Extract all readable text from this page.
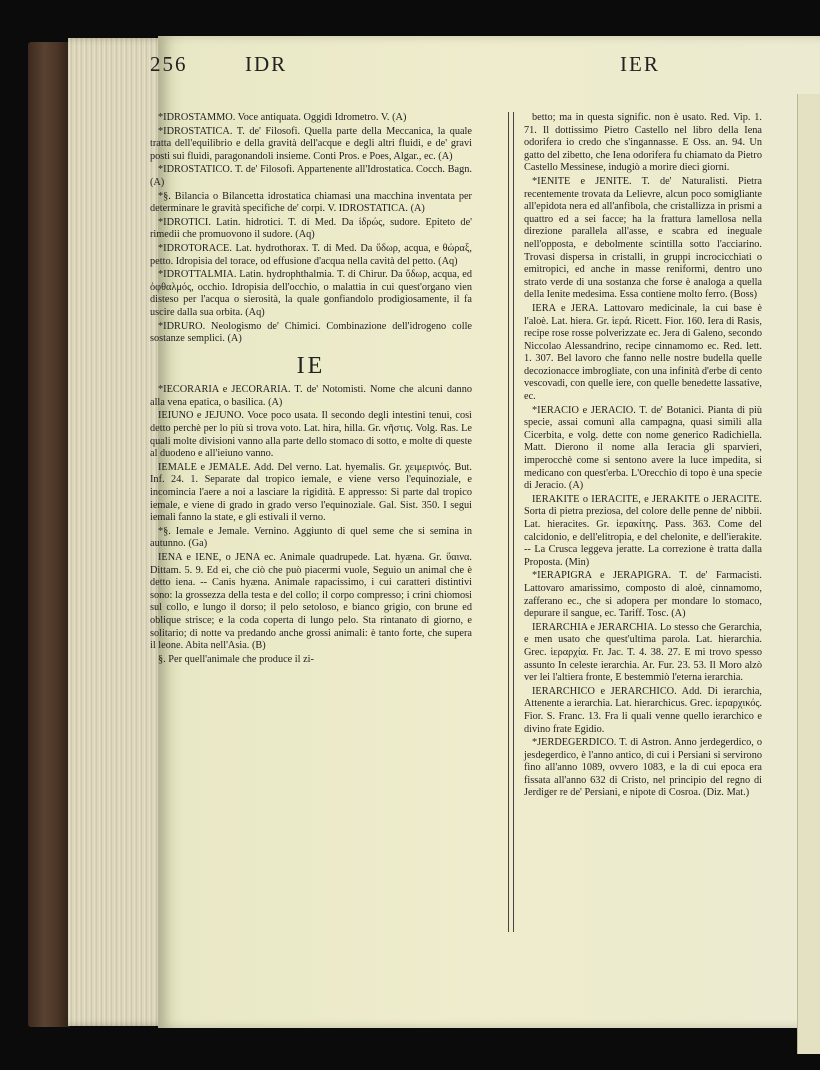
256	IDR	IER

*IDROSTAMMO. Voce antiquata. Oggidì Idrometro. V. (A)

*IDROSTATICA. T. de' Filosofi. Quella parte della Meccanica, la quale tratta dell'equilibrio e della gravità dell'acque e degli altri fluidi, e de' gravi posti sui fluidi, paragonandoli insieme. Conti Pros. e Poes, Algar., ec. (A)

*IDROSTATICO. T. de' Filosofi. Appartenente all'Idrostatica. Cocch. Bagn. (A)

*§. Bilancia o Bilancetta idrostatica chiamasi una macchina inventata per determinare le gravità specifiche de' corpi. V. IDROSTATICA. (A)

*IDROTICI. Latin. hidrotici. T. di Med. Da ἱδρώς, sudore. Epiteto de' rimedii che promuovono il sudore. (Aq)

*IDROTORACE. Lat. hydrothorax. T. di Med. Da ὕδωρ, acqua, e θώραξ, petto. Idropisia del torace, od effusione d'acqua nella cavità del petto. (Aq)

*IDROTTALMIA. Latin. hydrophthalmia. T. di Chirur. Da ὕδωρ, acqua, ed ὀφθαλμός, occhio. Idropisia dell'occhio, o malattia in cui quest'organo vien disteso per l'acqua o sierosità, la quale gonfiandolo prodigiosamente, il fa uscire dalla sua orbita. (Aq)

*IDRURO. Neologismo de' Chimici. Combinazione dell'idrogeno colle sostanze semplici. (A)

IE

*IECORARIA e JECORARIA. T. de' Notomisti. Nome che alcuni danno alla vena epatica, o basilica. (A)

IEIUNO e JEJUNO. Voce poco usata. Il secondo degli intestini tenui, così detto perchè per lo più si trova voto. Lat. hira, hilla. Gr. νῆστις. Volg. Ras. Le quali molte divisioni vanno alla parte dello stomaco di sotto, e molte di queste al duodeno e all'ieiuno vanno.

IEMALE e JEMALE. Add. Del verno. Lat. hyemalis. Gr. χειμερινός. But. Inf. 24. 1. Separate dal tropico iemale, e viene verso l'equinoziale, e incominciа l'aere a noi a lasciare la rigidità. E appresso: Si parte dal tropico iemale, e viene di grado in grado verso l'equinoziale. Gal. Sist. 350. I segui iemali fanno la state, e gli estivali il verno.

*§. Iemale e Jemale. Vernino. Aggiunto di quel seme che si semina in autunno. (Ga)

IENA e IENE, o JENA ec. Animale quadrupede. Lat. hyæna. Gr. ὕαινα. Dittam. 5. 9. Ed ei, che ciò che può piacermi vuole, Seguìo un animal che è detto iena. -- Canis hyæna. Animale rapacissimo, i cui caratteri distintivi sono: la grossezza della testa e del collo; il corpo compresso; i crini chiomosi sul collo, e lungo il dorso; il pelo setoloso, e bianco grigio, con brune ed oblique strisce; e la coda coperta di lungo pelo. Sta rintanato di giorno, e solitario; di notte va predando anche grossi animali: è tanto forte, che supera il leone. Abita nell'Asia. (B)

§. Per quell'animale che produce il zi-

betto; ma in questa signific. non è usato. Red. Vip. 1. 71. Il dottissimo Pietro Castello nel libro della Iena odorifera io credo che s'ingannasse. E Oss. an. 94. Un gatto del zibetto, che Iena odorifera fu chiamato da Pietro Castello Messinese, indugiò a morire dieci giorni.

*IENITE e JENITE. T. de' Naturalisti. Pietra recentemente trovata da Lelievre, alcun poco somigliante all'epidota nera ed all'anfibola, che cristallizza in prismi a quattro ed a sei facce; ha la frattura lamellosa nella direzione parallela all'asse, e scabra ed ineguale nell'opposta, e debolmente scintilla sotto l'acciarino. Trovasi dispersa in cristalli, in gruppi incrocicchiati o emitropici, ed anche in masse reniformi, dentro uno strato verde di una sostanza che forse è analoga a quella della Ienite medesima. Essa contiene molto ferro. (Boss)

IERA e JERA. Lattovaro medicinale, la cui base è l'aloè. Lat. hiera. Gr. ἱερά. Ricett. Fior. 160. Iera di Rasis, recipe rose rosse polverizzate ec. Jera di Galeno, secondo Niccolao Alessandrino, recipe cinnamomo ec. Red. lett. 1. 307. Bel lavoro che fanno nelle nostre budella quelle decozionacce imbrogliate, con una infinità d'erbe di cento vescovadi, con quelle iere, con quelle benedette lassative, ec.

*IERACIO e JERACIO. T. de' Botanici. Pianta di più specie, assai comuni alla campagna, quasi simili alla Cicerbita, e volg. dette con nome generico Radichiella. Matt. Dierono il nome alla Ieracia gli sparvieri, imperocchè come si sentono avere la luce impedita, si medicano con quest'erba. L'Orecchio di topo è una specie di Jeracio. (A)

IERAKITE o IERACITE, e JERAKITE o JERACITE. Sorta di pietra preziosa, del colore delle penne de' nibbii. Lat. hieracites. Gr. ἱερακίτης. Pass. 363. Come del calcidonio, e dell'elitropia, e del chelonite, e dell'ierakite. -- La Crusca leggeva jeratte. La correzione è tratta dalla Proposta. (Min)

*IERAPIGRA e JERAPIGRA. T. de' Farmacisti. Lattovaro amarissimo, composto di aloè, cinnamomo, zafferano ec., che si adopera per mondare lo stomaco, depurare il sangue, ec. Tariff. Tosc. (A)

IERARCHIA e JERARCHIA. Lo stesso che Gerarchia, e men usato che quest'ultima parola. Lat. hierarchia. Grec. ἱεραρχία. Fr. Jac. T. 4. 38. 27. E mi trovo spesso assunto In celeste ierarchia. Ar. Fur. 23. 53. Il Moro alzò ver lei l'altiera fronte, E bestemmiò l'eterna ierarchia.

IERARCHICO e JERARCHICO. Add. Di ierarchia, Attenente a ierarchia. Lat. hierarchicus. Grec. ἱεραρχικός. Fior. S. Franc. 13. Fra li quali venne quello ierarchico e divino frate Egidio.

*JERDEGERDICO. T. di Astron. Anno jerdegerdico, o jesdegerdico, è l'anno antico, di cui i Persiani si servirono fino all'anno 1089, ovvero 1083, e la di cui epoca era fissata all'anno 632 di Cristo, nel principio del regno di Jerdiger re de' Persiani, e nipote di Cosroa. (Diz. Mat.)
